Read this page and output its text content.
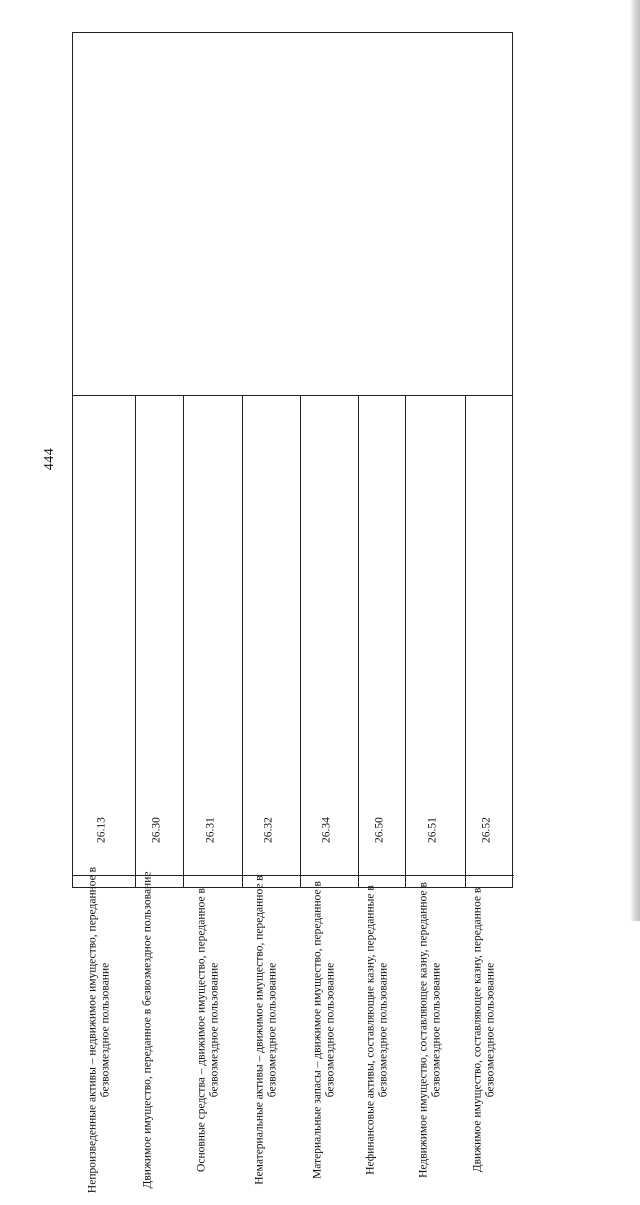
444
26.13
Непроизведенные активы – недвижимое имущество, переданное в безвозмездное пользование
26.30
Движимое имущество, переданное в безвозмездное пользование
26.31
Основные средства – движимое имущество, переданное в безвозмездное пользование
26.32
Нематериальные активы – движимое имущество, переданное в безвозмездное пользование
26.34
Материальные запасы – движимое имущество, переданное в безвозмездное пользование
26.50
Нефинансовые активы, составляющие казну, переданные в безвозмездное пользование
26.51
Недвижимое имущество, составляющее казну, переданное в безвозмездное пользование
26.52
Движимое имущество, составляющее казну, переданное в безвозмездное пользование
